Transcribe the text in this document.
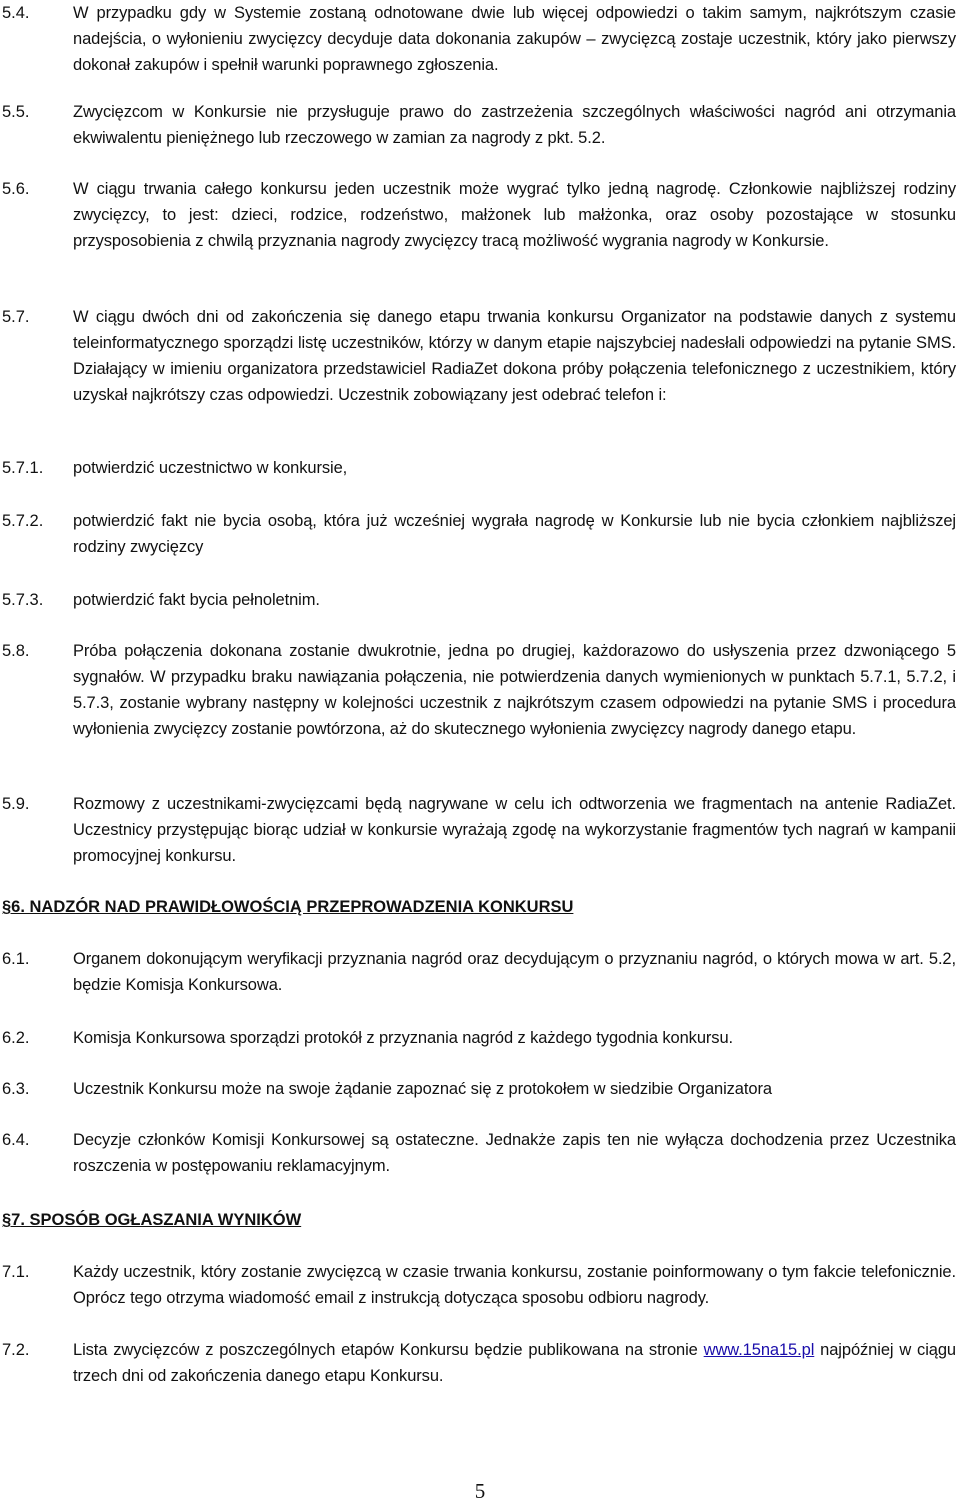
5.4.	W przypadku gdy w Systemie zostaną odnotowane dwie lub więcej odpowiedzi o takim samym, najkrótszym czasie nadejścia, o wyłonieniu zwycięzcy decyduje data dokonania zakupów – zwycięzcą zostaje uczestnik, który jako pierwszy dokonał zakupów i spełnił warunki poprawnego zgłoszenia.
5.5.	Zwycięzcom w Konkursie nie przysługuje prawo do zastrzeżenia szczególnych właściwości nagród ani otrzymania ekwiwalentu pieniężnego lub rzeczowego w zamian za nagrody z pkt. 5.2.
5.6.	W ciągu trwania całego konkursu jeden uczestnik może wygrać tylko jedną nagrodę. Członkowie najbliższej rodziny zwycięzcy, to jest: dzieci, rodzice, rodzeństwo, małżonek lub małżonka, oraz osoby pozostające w stosunku przysposobienia z chwilą przyznania nagrody zwycięzcy tracą możliwość wygrania nagrody w Konkursie.
5.7.	W ciągu dwóch dni od zakończenia się danego etapu trwania konkursu Organizator na podstawie danych z systemu teleinformatycznego sporządzi listę uczestników, którzy w danym etapie najszybciej nadesłali odpowiedzi na pytanie SMS. Działający w imieniu organizatora przedstawiciel RadiaZet dokona próby połączenia telefonicznego z uczestnikiem, który uzyskał najkrótszy czas odpowiedzi. Uczestnik zobowiązany jest odebrać telefon i:
5.7.1. potwierdzić uczestnictwo w konkursie,
5.7.2. potwierdzić fakt nie bycia osobą, która już wcześniej wygrała nagrodę w Konkursie lub nie bycia członkiem najbliższej rodziny zwycięzcy
5.7.3. potwierdzić fakt bycia pełnoletnim.
5.8.	Próba połączenia dokonana zostanie dwukrotnie, jedna po drugiej, każdorazowo do usłyszenia przez dzwoniącego 5 sygnałów. W przypadku braku nawiązania połączenia, nie potwierdzenia danych wymienionych w punktach 5.7.1, 5.7.2, i 5.7.3, zostanie wybrany następny w kolejności uczestnik z najkrótszym czasem odpowiedzi na pytanie SMS i procedura wyłonienia zwycięzcy zostanie powtórzona, aż do skutecznego wyłonienia zwycięzcy nagrody danego etapu.
5.9.	Rozmowy z uczestnikami-zwycięzcami będą nagrywane w celu ich odtworzenia we fragmentach na antenie RadiaZet. Uczestnicy przystępując biorąc udział w konkursie wyrażają zgodę na wykorzystanie fragmentów tych nagrań w kampanii promocyjnej konkursu.
§6. NADZÓR NAD PRAWIDŁOWOŚCIĄ PRZEPROWADZENIA KONKURSU
6.1.	Organem dokonującym weryfikacji przyznania nagród oraz decydującym o przyznaniu nagród, o których mowa w art. 5.2, będzie Komisja Konkursowa.
6.2.	Komisja Konkursowa sporządzi protokół z przyznania nagród z każdego tygodnia konkursu.
6.3.	Uczestnik Konkursu może na swoje żądanie zapoznać się z protokołem w siedzibie Organizatora
6.4.	Decyzje członków Komisji Konkursowej są ostateczne. Jednakże zapis ten nie wyłącza dochodzenia przez Uczestnika roszczenia w postępowaniu reklamacyjnym.
§7. SPOSÓB OGŁASZANIA WYNIKÓW
7.1.	Każdy uczestnik, który zostanie zwycięzcą w czasie trwania konkursu, zostanie poinformowany o tym fakcie telefonicznie. Oprócz tego otrzyma wiadomość email z instrukcją dotycząca sposobu odbioru nagrody.
7.2.	Lista zwycięzców z poszczególnych etapów Konkursu będzie publikowana na stronie www.15na15.pl najpóźniej w ciągu trzech dni od zakończenia danego etapu Konkursu.
5
